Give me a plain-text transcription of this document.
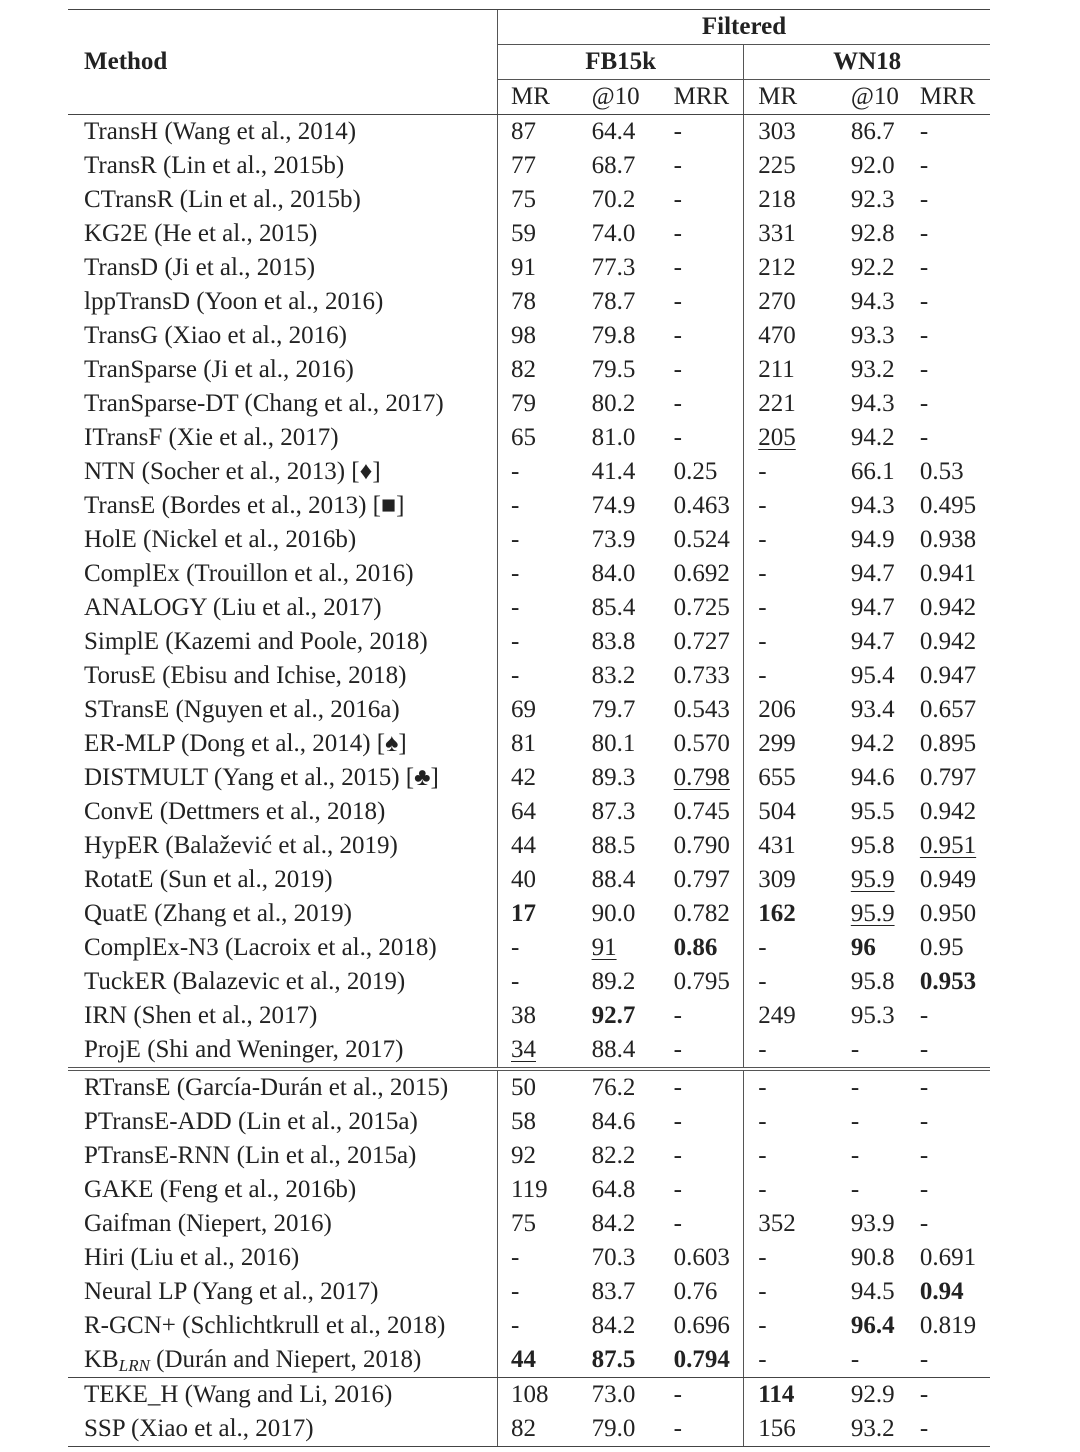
Method	Filtered					
	FB15k			WN18		
	MR	@10	MRR	MR	@10	MRR
TransH (Wang et al., 2014)	87	64.4	-	303	86.7	-
TransR (Lin et al., 2015b)	77	68.7	-	225	92.0	-
CTransR (Lin et al., 2015b)	75	70.2	-	218	92.3	-
KG2E (He et al., 2015)	59	74.0	-	331	92.8	-
TransD (Ji et al., 2015)	91	77.3	-	212	92.2	-
lppTransD (Yoon et al., 2016)	78	78.7	-	270	94.3	-
TransG (Xiao et al., 2016)	98	79.8	-	470	93.3	-
TranSparse (Ji et al., 2016)	82	79.5	-	211	93.2	-
TranSparse-DT (Chang et al., 2017)	79	80.2	-	221	94.3	-
ITransF (Xie et al., 2017)	65	81.0	-	205	94.2	-
NTN (Socher et al., 2013) [♦]	-	41.4	0.25	-	66.1	0.53
TransE (Bordes et al., 2013) [■]	-	74.9	0.463	-	94.3	0.495
HolE (Nickel et al., 2016b)	-	73.9	0.524	-	94.9	0.938
ComplEx (Trouillon et al., 2016)	-	84.0	0.692	-	94.7	0.941
ANALOGY (Liu et al., 2017)	-	85.4	0.725	-	94.7	0.942
SimplE (Kazemi and Poole, 2018)	-	83.8	0.727	-	94.7	0.942
TorusE (Ebisu and Ichise, 2018)	-	83.2	0.733	-	95.4	0.947
STransE (Nguyen et al., 2016a)	69	79.7	0.543	206	93.4	0.657
ER-MLP (Dong et al., 2014) [♠]	81	80.1	0.570	299	94.2	0.895
DISTMULT (Yang et al., 2015) [♣]	42	89.3	0.798	655	94.6	0.797
ConvE (Dettmers et al., 2018)	64	87.3	0.745	504	95.5	0.942
HypER (Balažević et al., 2019)	44	88.5	0.790	431	95.8	0.951
RotatE (Sun et al., 2019)	40	88.4	0.797	309	95.9	0.949
QuatE (Zhang et al., 2019)	17	90.0	0.782	162	95.9	0.950
ComplEx-N3 (Lacroix et al., 2018)	-	91	0.86	-	96	0.95
TuckER (Balazevic et al., 2019)	-	89.2	0.795	-	95.8	0.953
IRN (Shen et al., 2017)	38	92.7	-	249	95.3	-
ProjE (Shi and Weninger, 2017)	34	88.4	-	-	-	-
RTransE (García-Durán et al., 2015)	50	76.2	-	-	-	-
PTransE-ADD (Lin et al., 2015a)	58	84.6	-	-	-	-
PTransE-RNN (Lin et al., 2015a)	92	82.2	-	-	-	-
GAKE (Feng et al., 2016b)	119	64.8	-	-	-	-
Gaifman (Niepert, 2016)	75	84.2	-	352	93.9	-
Hiri (Liu et al., 2016)	-	70.3	0.603	-	90.8	0.691
Neural LP (Yang et al., 2017)	-	83.7	0.76	-	94.5	0.94
R-GCN+ (Schlichtkrull et al., 2018)	-	84.2	0.696	-	96.4	0.819
$KB_{LRN}$ (Durán and Niepert, 2018)	44	87.5	0.794	-	-	-
TEKE_H (Wang and Li, 2016)	108	73.0	-	114	92.9	-
SSP (Xiao et al., 2017)	82	79.0	-	156	93.2	-
